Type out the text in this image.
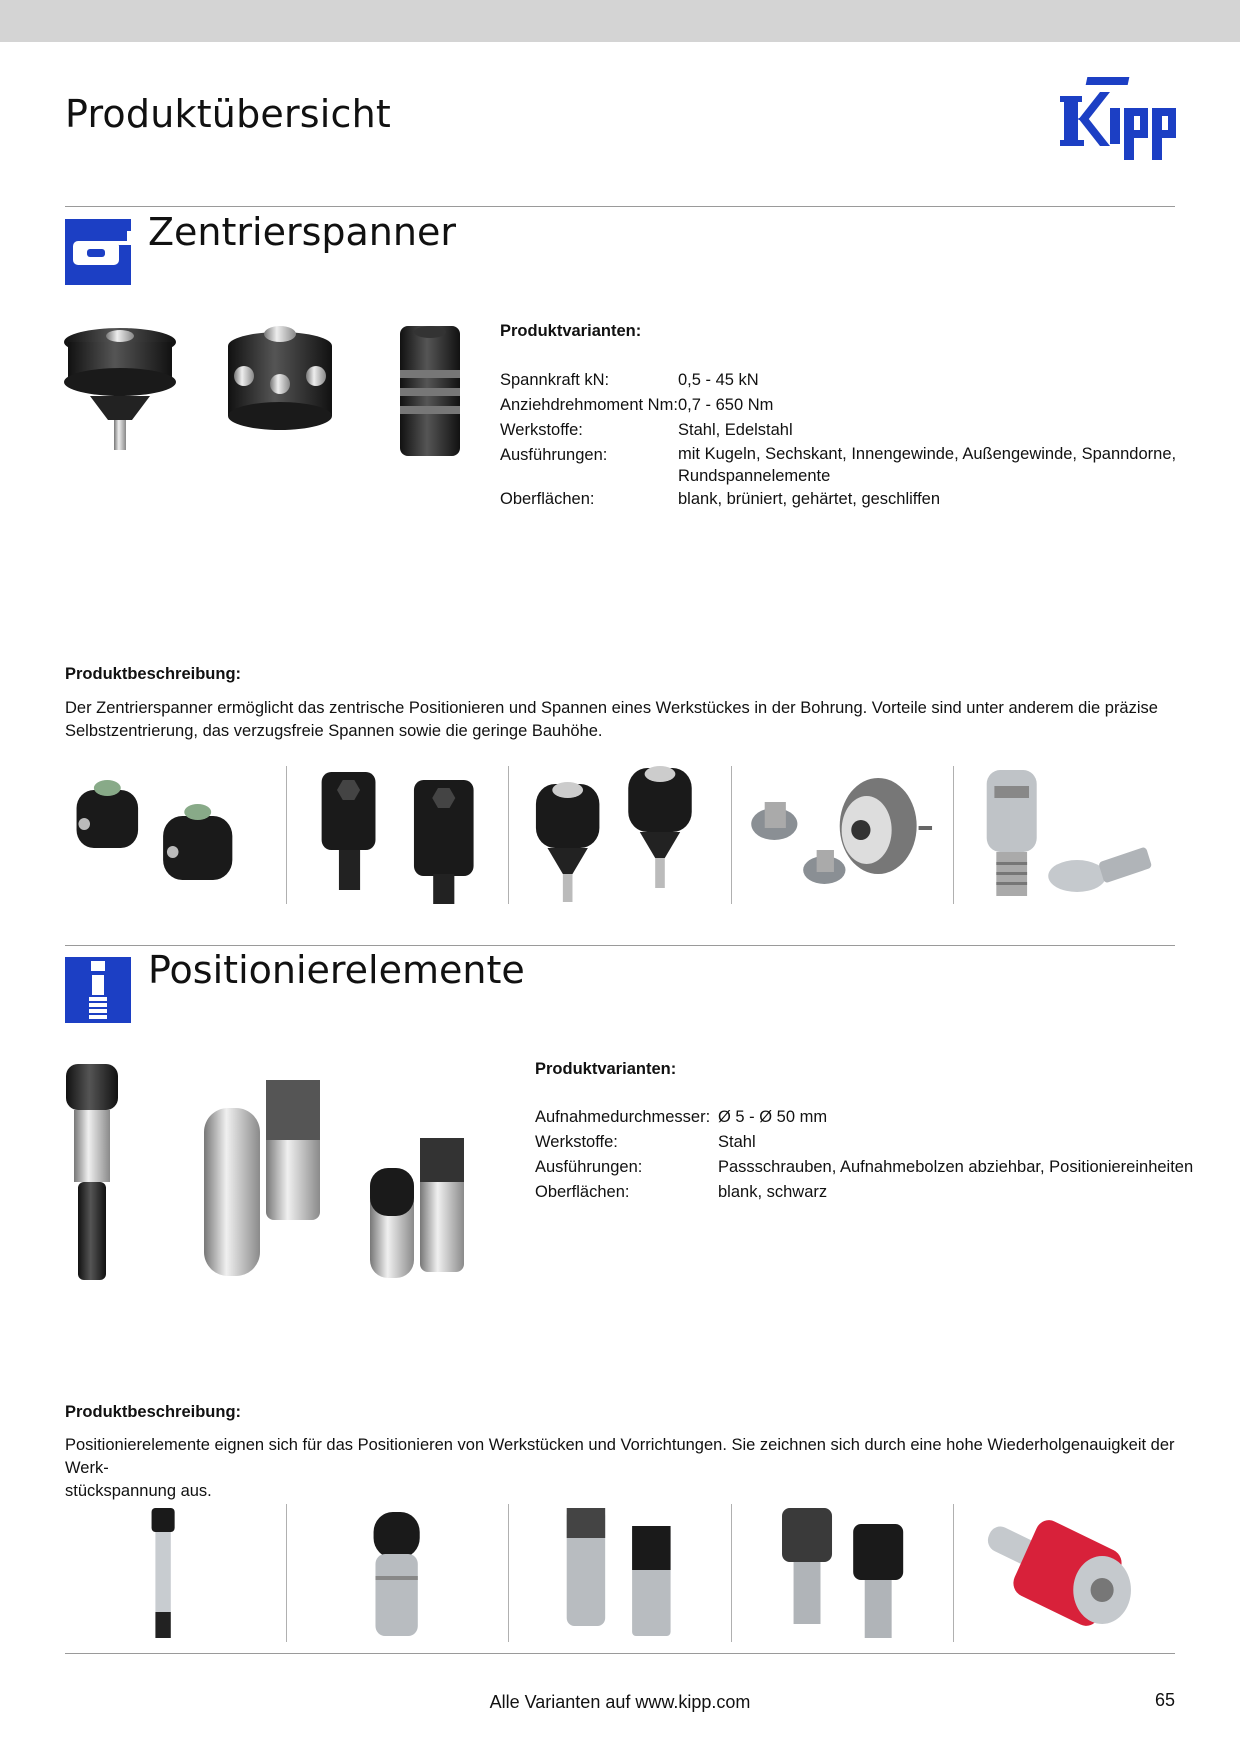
Produktübersicht
Zentrierspanner
Produktvarianten:
Spannkraft kN:	0,5 - 45 kN
Anziehdrehmoment Nm: 0,7 - 650 Nm
Werkstoffe:	Stahl, Edelstahl
Ausführungen:	mit Kugeln, Sechskant, Innengewinde, Außengewinde, Spanndorne,
Rundspannelemente
Oberflächen:	blank, brüniert, gehärtet, geschliffen
Produktbeschreibung:
Der Zentrierspanner ermöglicht das zentrische Positionieren und Spannen eines Werkstückes in der Bohrung. Vorteile sind unter anderem die präzise
Selbstzentrierung, das verzugsfreie Spannen sowie die geringe Bauhöhe.
Positionierelemente
Produktvarianten:
Aufnahmedurchmesser: Ø 5 - Ø 50 mm
Werkstoffe:	Stahl
Ausführungen:	Passschrauben, Aufnahmebolzen abziehbar, Positioniereinheiten
Oberflächen:	blank, schwarz
Produktbeschreibung:
Positionierelemente eignen sich für das Positionieren von Werkstücken und Vorrichtungen. Sie zeichnen sich durch eine hohe Wiederholgenauigkeit der Werk-
stückspannung aus.
Alle Varianten auf www.kipp.com	65
